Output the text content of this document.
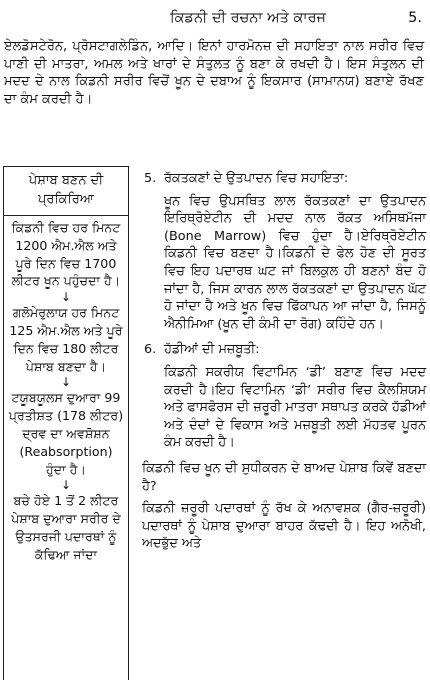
ਕਿਡਨੀ ਦੀ ਰਚਨਾ ਅਤੇ ਕਾਰਜ	5.

ਏਲਡੋਸਟੇਰੋਨ, ਪ੍ਰੋਸਟਾਗਲੇਡਿੰਨ, ਆਦਿ। ਇਨਾਂ ਹਾਰਮੋਨਜ਼ ਦੀ ਸਹਾਇਤਾ ਨਾਲ ਸਰੀਰ ਵਿਚ ਪਾਣੀ ਦੀ ਮਾਤਰਾ, ਅਮਲ ਅਤੇ ਖਾਰਾਂ ਦੇ ਸੰਤੁਲਤ ਨੂੰ ਬਣਾ ਕੇ ਰਖਦੀ ਹੈ। ਇਸ ਸੰਤੁਲਨ ਦੀ ਮਦਦ ਦੇ ਨਾਲ ਕਿਡਨੀ ਸਰੀਰ ਵਿਚੋਂ ਖੂਨ ਦੇ ਦਬਾਅ ਨੂੰ ਇਕਸਾਰ (ਸਾਮਾਨਯ) ਬਣਾਏ ਰੱਖਣ ਦਾ ਕੰਮ ਕਰਦੀ ਹੈ।

ਪੇਸ਼ਾਬ ਬਣਨ ਦੀ ਪ੍ਰਕਿਰਿਆ
ਕਿਡਨੀ ਵਿਚ ਹਰ ਮਿਨਟ 1200 ਐਮ.ਐਲ ਅਤੇ ਪੂਰੇ ਦਿਨ ਵਿਚ 1700 ਲੀਟਰ ਖੂਨ ਪਹੁੰਚਦਾ ਹੈ।
↓
ਗਲੋਮੇਰੁਲਾਯ ਹਰ ਮਿਨਟ 125 ਐਮ.ਐਲ ਅਤੇ ਪੂਰੇ ਦਿਨ ਵਿਚ 180 ਲੀਟਰ ਪੇਸ਼ਾਬ ਬਣਦਾ ਹੈ।
↓
ਟਯੂਬਯੂਲਸ ਦੁਆਰਾ 99 ਪ੍ਰਤੀਸ਼ਤ (178 ਲੀਟਰ) ਦ੍ਰਵ ਦਾ ਅਵਸ਼ੋਸ਼ਨ (Reabsorption) ਹੁੰਦਾ ਹੈ।
↓
ਬਚੇ ਹੋਏ 1 ਤੋਂ 2 ਲੀਟਰ ਪੇਸ਼ਾਬ ਦੁਆਰਾ ਸਰੀਰ ਦੇ ਉਤਸਰਜੀ ਪਦਾਰਥਾਂ ਨੂੰ ਕੱਢਿਆ ਜਾਂਦਾ
5. ਰੱਕਤਕਣਾਂ ਦੇ ਉਤਪਾਦਨ ਵਿਚ ਸਹਾਇਤਾ:
ਖੂਨ ਵਿਚ ਉਪਸਥਿਤ ਲਾਲ ਰੱਕਤਕਣਾਂ ਦਾ ਉਤਪਾਦਨ ਇਰਿਥ੍ਰੋਏਟੀਨ ਦੀ ਮਦਦ ਨਾਲ ਰੱਕਤ ਅਸਿਥਮੱਜਾ (Bone Marrow) ਵਿਚ ਹੁੰਦਾ ਹੈ।ਏਰਿਥ੍ਰੋਏਟੀਨ ਕਿਡਨੀ ਵਿਚ ਬਣਦਾ ਹੈ।ਕਿਡਨੀ ਦੇ ਫੇਲ ਹੋਣ ਦੀ ਸੂਰਤ ਵਿਚ ਇਹ ਪਦਾਰਥ ਘਟ ਜਾਂ ਬਿਲਕੁਲ ਹੀ ਬਣਨਾਂ ਬੰਦ ਹੋ ਜਾਂਦਾ ਹੈ, ਜਿਸ ਕਾਰਨ ਲਾਲ ਰੱਕਤਕਣਾਂ ਦਾ ਉਤਪਾਦਨ ਘੱਟ ਹੋ ਜਾਂਦਾ ਹੈ ਅਤੇ ਖੂਨ ਵਿਚ ਫਿੱਕਾਪਨ ਆ ਜਾਂਦਾ ਹੈ, ਜਿਸਨੂੰ ਐਨੀਮਿਆ (ਖੂਨ ਦੀ ਕੰਮੀ ਦਾ ਰੋਗ) ਕਹਿੰਦੇ ਹਨ।
6. ਹੱਡੀਆਂ ਦੀ ਮਜ਼ਬੂਤੀ:
ਕਿਡਨੀ ਸਕਰੀਯ ਵਿਟਾਮਿਨ ‘ਡੀ’ ਬਣਾਣ ਵਿਚ ਮਦਦ ਕਰਦੀ ਹੈ।ਇਹ ਵਿਟਾਮਿਨ ‘ਡੀ’ ਸਰੀਰ ਵਿਚ ਕੈਲਸ਼ਿਯਮ ਅਤੇ ਫਾਸਫੋਰਸ ਦੀ ਜ਼ਰੂਰੀ ਮਾਤਰਾ ਸਥਾਪਤ ਕਰਕੇ ਹੱਡੀਆਂ ਅਤੇ ਦੰਦਾਂ ਦੇ ਵਿਕਾਸ ਅਤੇ ਮਜ਼ਬੂਤੀ ਲਈ ਮੱਹਤਵ ਪੂਰਨ ਕੰਮ ਕਰਦੀ ਹੈ।
ਕਿਡਨੀ ਵਿਚ ਖੂਨ ਦੀ ਸੁਧੀਕਰਨ ਦੇ ਬਾਅਦ ਪੇਸ਼ਾਬ ਕਿਵੇਂ ਬਣਦਾ ਹੈ?
ਕਿਡਨੀ ਜ਼ਰੂਰੀ ਪਦਾਰਥਾਂ ਨੂੰ ਰੱਖ ਕੇ ਅਨਾਵਸ਼ਕ (ਗੈਰ-ਜ਼ਰੂਰੀ) ਪਦਾਰਥਾਂ ਨੂੰ ਪੇਸ਼ਾਬ ਦੁਆਰਾ ਬਾਹਰ ਕੱਢਦੀ ਹੈ। ਇਹ ਅਨੋਖੀ, ਅਦਭੁੱਦ ਅਤੇ
